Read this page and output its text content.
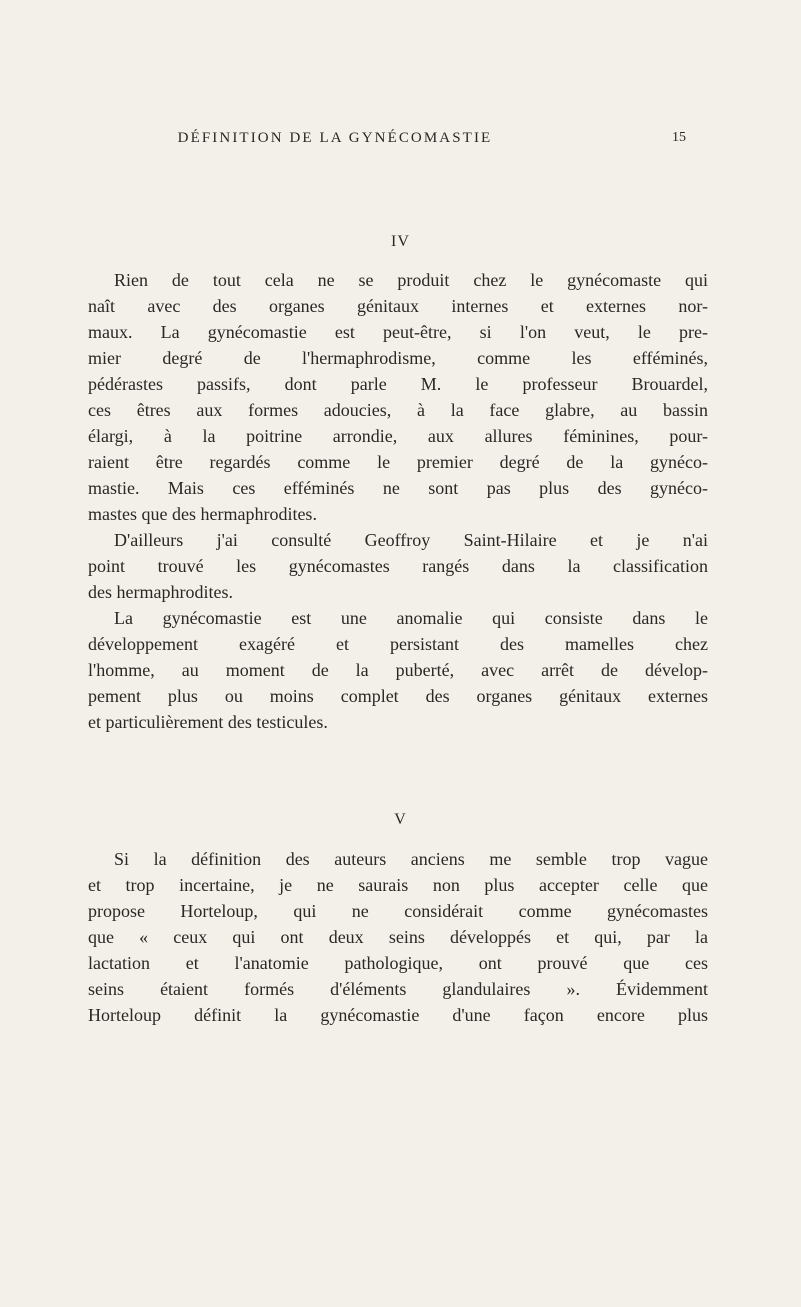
DÉFINITION DE LA GYNÉCOMASTIE	15
IV
Rien de tout cela ne se produit chez le gynécomaste qui
naît avec des organes génitaux internes et externes nor-
maux. La gynécomastie est peut-être, si l'on veut, le pre-
mier degré de l'hermaphrodisme, comme les efféminés,
pédérastes passifs, dont parle M. le professeur Brouardel,
ces êtres aux formes adoucies, à la face glabre, au bassin
élargi, à la poitrine arrondie, aux allures féminines, pour-
raient être regardés comme le premier degré de la gynéco-
mastie. Mais ces efféminés ne sont pas plus des gynéco-
mastes que des hermaphrodites.
D'ailleurs j'ai consulté Geoffroy Saint-Hilaire et je n'ai
point trouvé les gynécomastes rangés dans la classification
des hermaphrodites.
La gynécomastie est une anomalie qui consiste dans le
développement exagéré et persistant des mamelles chez
l'homme, au moment de la puberté, avec arrêt de dévelop-
pement plus ou moins complet des organes génitaux externes
et particulièrement des testicules.
V
Si la définition des auteurs anciens me semble trop vague
et trop incertaine, je ne saurais non plus accepter celle que
propose Horteloup, qui ne considérait comme gynécomastes
que « ceux qui ont deux seins développés et qui, par la
lactation et l'anatomie pathologique, ont prouvé que ces
seins étaient formés d'éléments glandulaires ». Évidemment
Horteloup définit la gynécomastie d'une façon encore plus
